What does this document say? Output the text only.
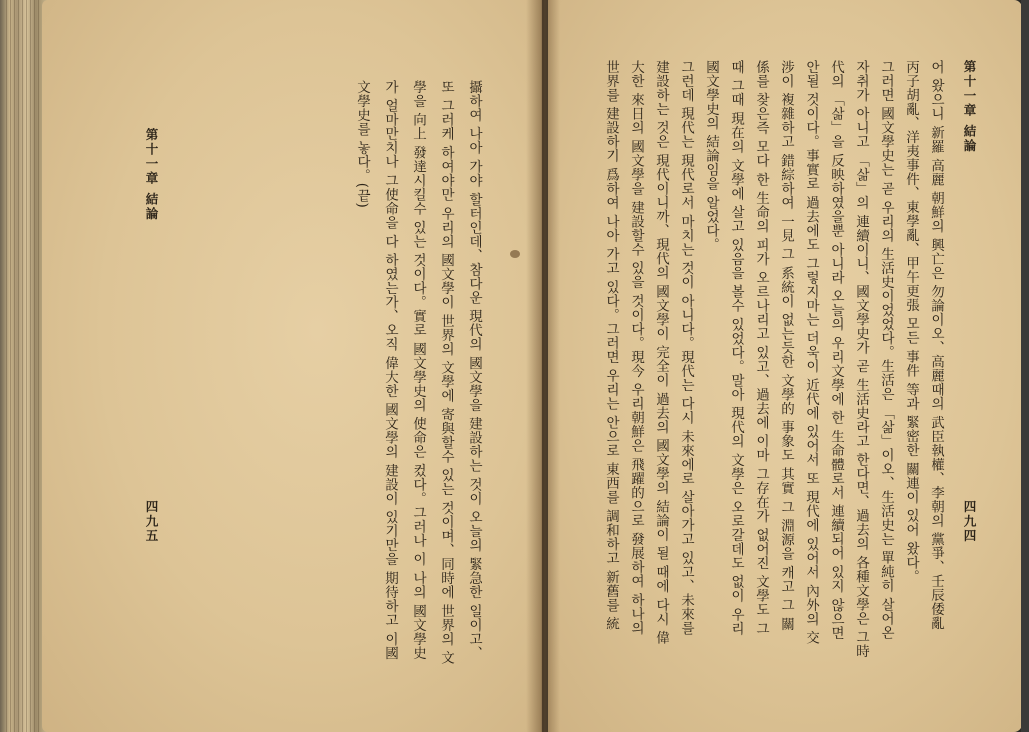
第十一章 結論
四九五	攝하여 나아 가야 할터인데、참다운 現代의 國文學을 建設하는 것이 오늘의 緊急한 일이고、
또 그러케 하여야만 우리의 國文學이 世界의 文學에 寄與할수 있는 것이며、同時에 世界의 文
學을 向上 發達시킬수 있는 것이다。實로 國文學史의 使命은 컸다。그러나 이 나의 國文學史
가 얼마만치나 그使命을 다 하였는가、오직 偉大한 國文學의 建設이 있기만을 期待하고 이國
文學史를 놓다。(끝)	第十一章 結論
四九四
어 왔으니 新羅 高麗 朝鮮의 興亡은 勿論이오、高麗때의 武臣執權、李朝의 黨爭、壬辰倭亂
丙子胡亂、洋夷事件、東學亂、甲午更張 모든 事件 等과 緊密한 關連이 있어 왔다。
그러면 國文學史는 곧 우리의 生活史이었었다。生活은 「삶」이오、生活史는 單純히 살어온
자취가 아니고 「삶」의 連續이니、國文學史가 곧 生活史라고 한다면、過去의 各種文學은 그時
代의 「삶」을 反映하였을뿐 아니라 오늘의 우리文學에 한 生命體로서 連續되어 있지 않으면
안될 것이다。事實로 過去에도 그렇지마는 더욱이 近代에 있어서 또 現代에 있어서 內外의 交
涉이 複雜하고 錯綜하여 一見 그 系統이 없는듯한 文學的 事象도 其實 그 淵源을 캐고 그 關
係를 찾은즉 모다 한 生命의 피가 오르나리고 있고、過去에 이마 그存在가 없어진 文學도 그
때 그때 現在의 文學에 살고 있음을 볼수 있었다。말아 現代의 文學은 오로갈데도 없이 우리
國文學史의 結論임을 알었다。
그런데 現代는 現代로서 마치는 것이 아니다。現代는 다시 未來에로 살아가고 있고、未來를
建設하는 것은 現代이니까、現代의 國文學이 完全이 過去의 國文學의 結論이 될 때에 다시 偉
大한 來日의 國文學을 建設할수 있을 것이다。現今 우리朝鮮은 飛躍的으로 發展하여 하나의
世界를 建設하기 爲하여 나아 가고 있다。그러면 우리는 안으로 東西를 調和하고 新舊를 統
